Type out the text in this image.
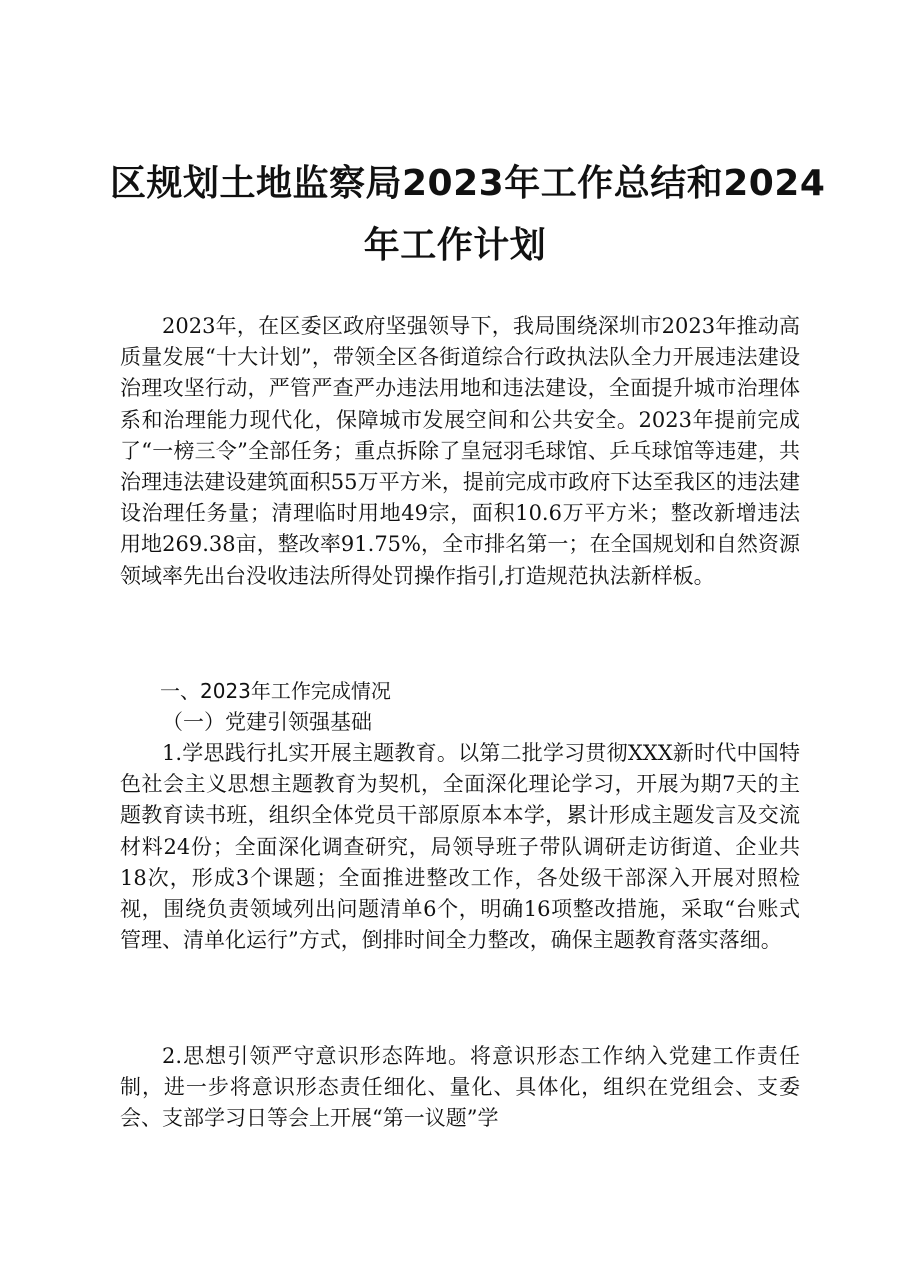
区规划土地监察局2023年工作总结和2024
年工作计划

2023年，在区委区政府坚强领导下，我局围绕深圳市2023年推动高质量发展“十大计划”，带领全区各街道综合行政执法队全力开展违法建设治理攻坚行动，严管严查严办违法用地和违法建设，全面提升城市治理体系和治理能力现代化，保障城市发展空间和公共安全。2023年提前完成了“一榜三令”全部任务；重点拆除了皇冠羽毛球馆、乒乓球馆等违建，共治理违法建设建筑面积55万平方米，提前完成市政府下达至我区的违法建设治理任务量；清理临时用地49宗，面积10.6万平方米；整改新增违法用地269.38亩，整改率91.75%，全市排名第一；在全国规划和自然资源领域率先出台没收违法所得处罚操作指引,打造规范执法新样板。

一、2023年工作完成情况

（一）党建引领强基础

1.学思践行扎实开展主题教育。以第二批学习贯彻XXX新时代中国特色社会主义思想主题教育为契机，全面深化理论学习，开展为期7天的主题教育读书班，组织全体党员干部原原本本学，累计形成主题发言及交流材料24份；全面深化调查研究，局领导班子带队调研走访街道、企业共18次，形成3个课题；全面推进整改工作，各处级干部深入开展对照检视，围绕负责领域列出问题清单6个，明确16项整改措施，采取“台账式管理、清单化运行”方式，倒排时间全力整改，确保主题教育落实落细。

2.思想引领严守意识形态阵地。将意识形态工作纳入党建工作责任制，进一步将意识形态责任细化、量化、具体化，组织在党组会、支委会、支部学习日等会上开展“第一议题”学
